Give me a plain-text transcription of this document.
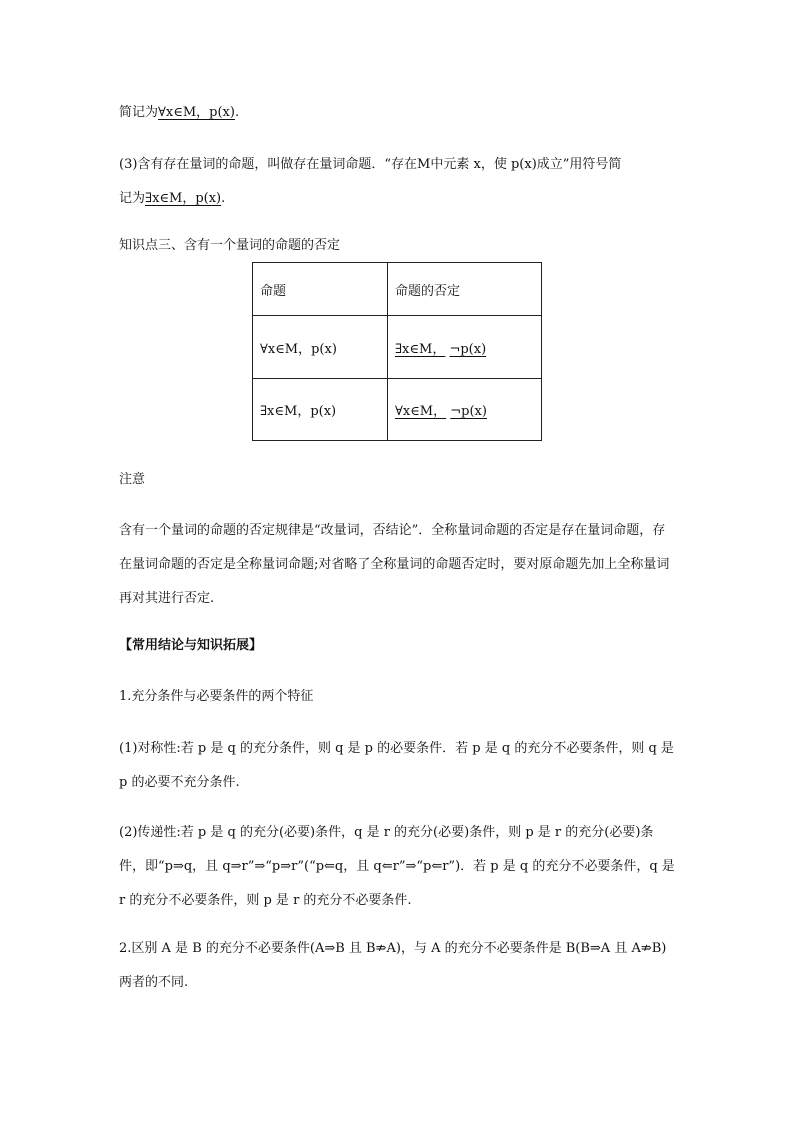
简记为∀x∈M，p(x).

(3)含有存在量词的命题，叫做存在量词命题．“存在M中元素 x，使 p(x)成立”用符号简
记为∃x∈M，p(x).

知识点三、含有一个量词的命题的否定
命题	命题的否定
∀x∈M，p(x)	∃x∈M， ¬p(x)
∃x∈M，p(x)	∀x∈M， ¬p(x)
注意

含有一个量词的命题的否定规律是“改量词，否结论”．全称量词命题的否定是存在量词命题，存在量词命题的否定是全称量词命题;对省略了全称量词的命题否定时，要对原命题先加上全称量词再对其进行否定.

【常用结论与知识拓展】

1.充分条件与必要条件的两个特征

(1)对称性:若 p 是 q 的充分条件，则 q 是 p 的必要条件．若 p 是 q 的充分不必要条件，则 q 是 p 的必要不充分条件.

(2)传递性:若 p 是 q 的充分(必要)条件，q 是 r 的充分(必要)条件，则 p 是 r 的充分(必要)条件，即“p⇒q，且 q⇒r”⇒“p⇒r”(“p⇐q，且 q⇐r”⇒“p⇐r”)．若 p 是 q 的充分不必要条件，q 是 r 的充分不必要条件，则 p 是 r 的充分不必要条件.

2.区别 A 是 B 的充分不必要条件(A⇒B 且 B⇏A)，与 A 的充分不必要条件是 B(B⇒A 且 A⇏B)两者的不同.
